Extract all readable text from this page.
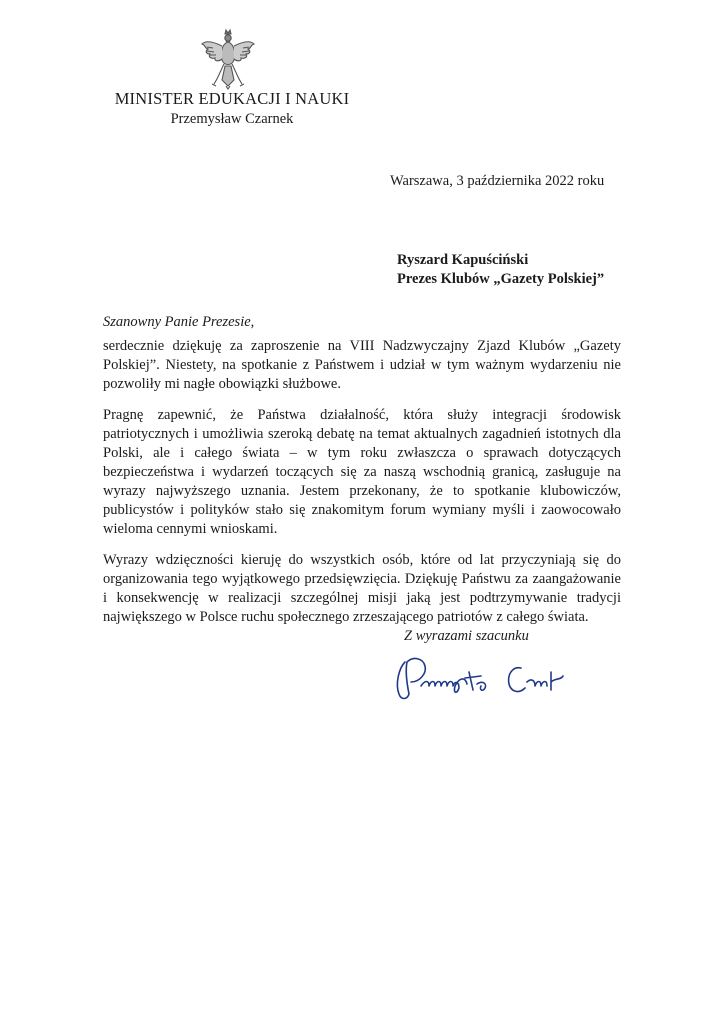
MINISTER EDUKACJI I NAUKI
Przemysław Czarnek
Warszawa, 3 października 2022 roku
Ryszard Kapuściński
Prezes Klubów „Gazety Polskiej”
Szanowny Panie Prezesie,

serdecznie dziękuję za zaproszenie na VIII Nadzwyczajny Zjazd Klubów „Gazety Polskiej”. Niestety, na spotkanie z Państwem i udział w tym ważnym wydarzeniu nie pozwoliły mi nagłe obowiązki służbowe.

Pragnę zapewnić, że Państwa działalność, która służy integracji środowisk patriotycznych i umożliwia szeroką debatę na temat aktualnych zagadnień istotnych dla Polski, ale i całego świata – w tym roku zwłaszcza o sprawach dotyczących bezpieczeństwa i wydarzeń toczących się za naszą wschodnią granicą, zasługuje na wyrazy najwyższego uznania. Jestem przekonany, że to spotkanie klubowiczów, publicystów i polityków stało się znakomitym forum wymiany myśli i zaowocowało wieloma cennymi wnioskami.

Wyrazy wdzięczności kieruję do wszystkich osób, które od lat przyczyniają się do organizowania tego wyjątkowego przedsięwzięcia. Dziękuję Państwu za zaangażowanie i konsekwencję w realizacji szczególnej misji jaką jest podtrzymywanie tradycji największego w Polsce ruchu społecznego zrzeszającego patriotów z całego świata.

Z wyrazami szacunku
